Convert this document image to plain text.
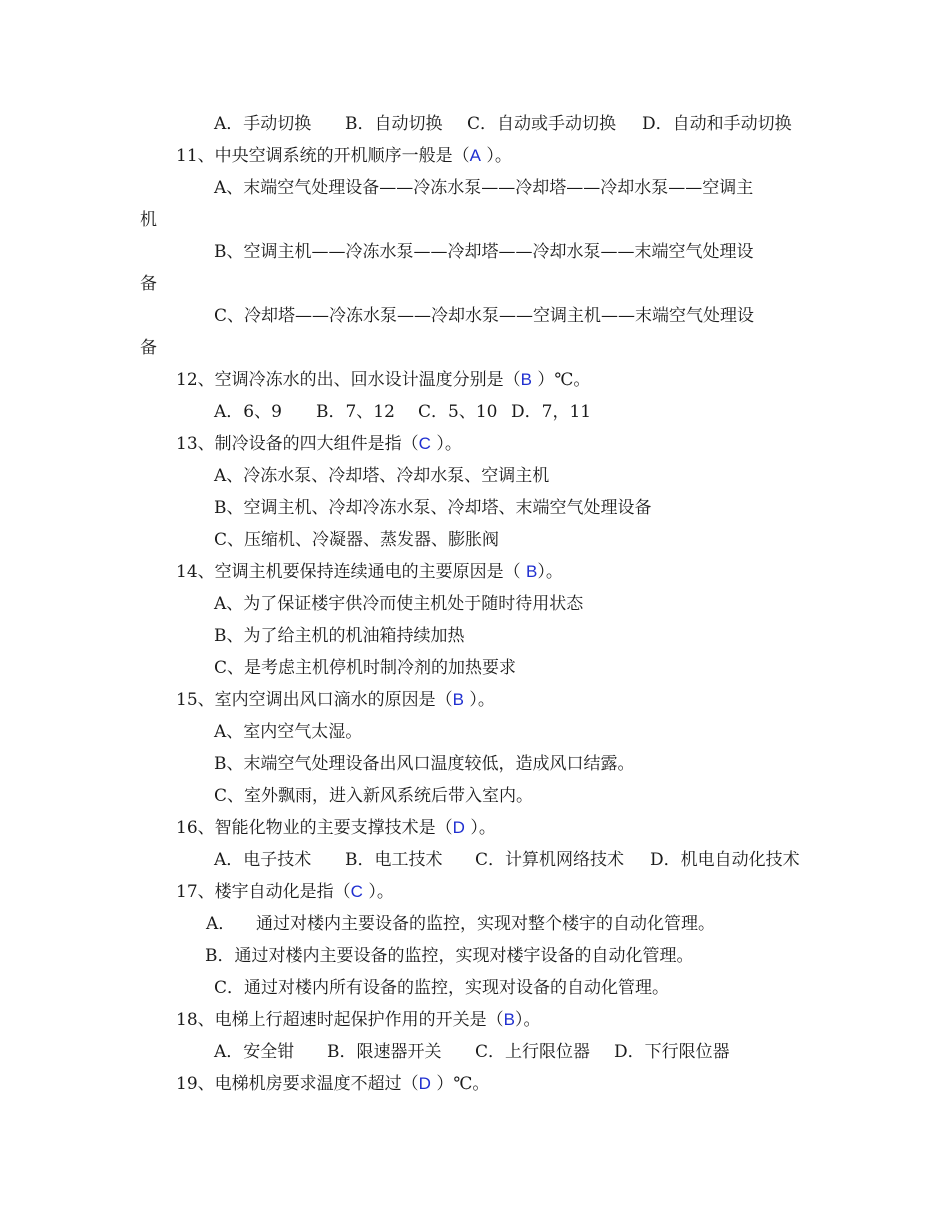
A．手动切换 B．自动切换 C．自动或手动切换 D．自动和手动切换
11、中央空调系统的开机顺序一般是（A ）。
A、末端空气处理设备——冷冻水泵——冷却塔——冷却水泵——空调主
机
B、空调主机——冷冻水泵——冷却塔——冷却水泵——末端空气处理设
备
C、冷却塔——冷冻水泵——冷却水泵——空调主机——末端空气处理设
备
12、空调冷冻水的出、回水设计温度分别是（B ）℃。
A．6、9 B．7、12 C．5、10 D．7，11
13、制冷设备的四大组件是指（C ）。
A、冷冻水泵、冷却塔、冷却水泵、空调主机
B、空调主机、冷却冷冻水泵、冷却塔、末端空气处理设备
C、压缩机、冷凝器、蒸发器、膨胀阀
14、空调主机要保持连续通电的主要原因是（ B）。
A、为了保证楼宇供冷而使主机处于随时待用状态
B、为了给主机的机油箱持续加热
C、是考虑主机停机时制冷剂的加热要求
15、室内空调出风口滴水的原因是（B ）。
A、室内空气太湿。
B、末端空气处理设备出风口温度较低，造成风口结露。
C、室外飘雨，进入新风系统后带入室内。
16、智能化物业的主要支撑技术是（D ）。
A．电子技术 B．电工技术 C．计算机网络技术 D．机电自动化技术
17、楼宇自动化是指（C ）。
A． 通过对楼内主要设备的监控，实现对整个楼宇的自动化管理。
B．通过对楼内主要设备的监控，实现对楼宇设备的自动化管理。
C．通过对楼内所有设备的监控，实现对设备的自动化管理。
18、电梯上行超速时起保护作用的开关是（B）。
A．安全钳 B．限速器开关 C．上行限位器 D．下行限位器
19、电梯机房要求温度不超过（D ）℃。
